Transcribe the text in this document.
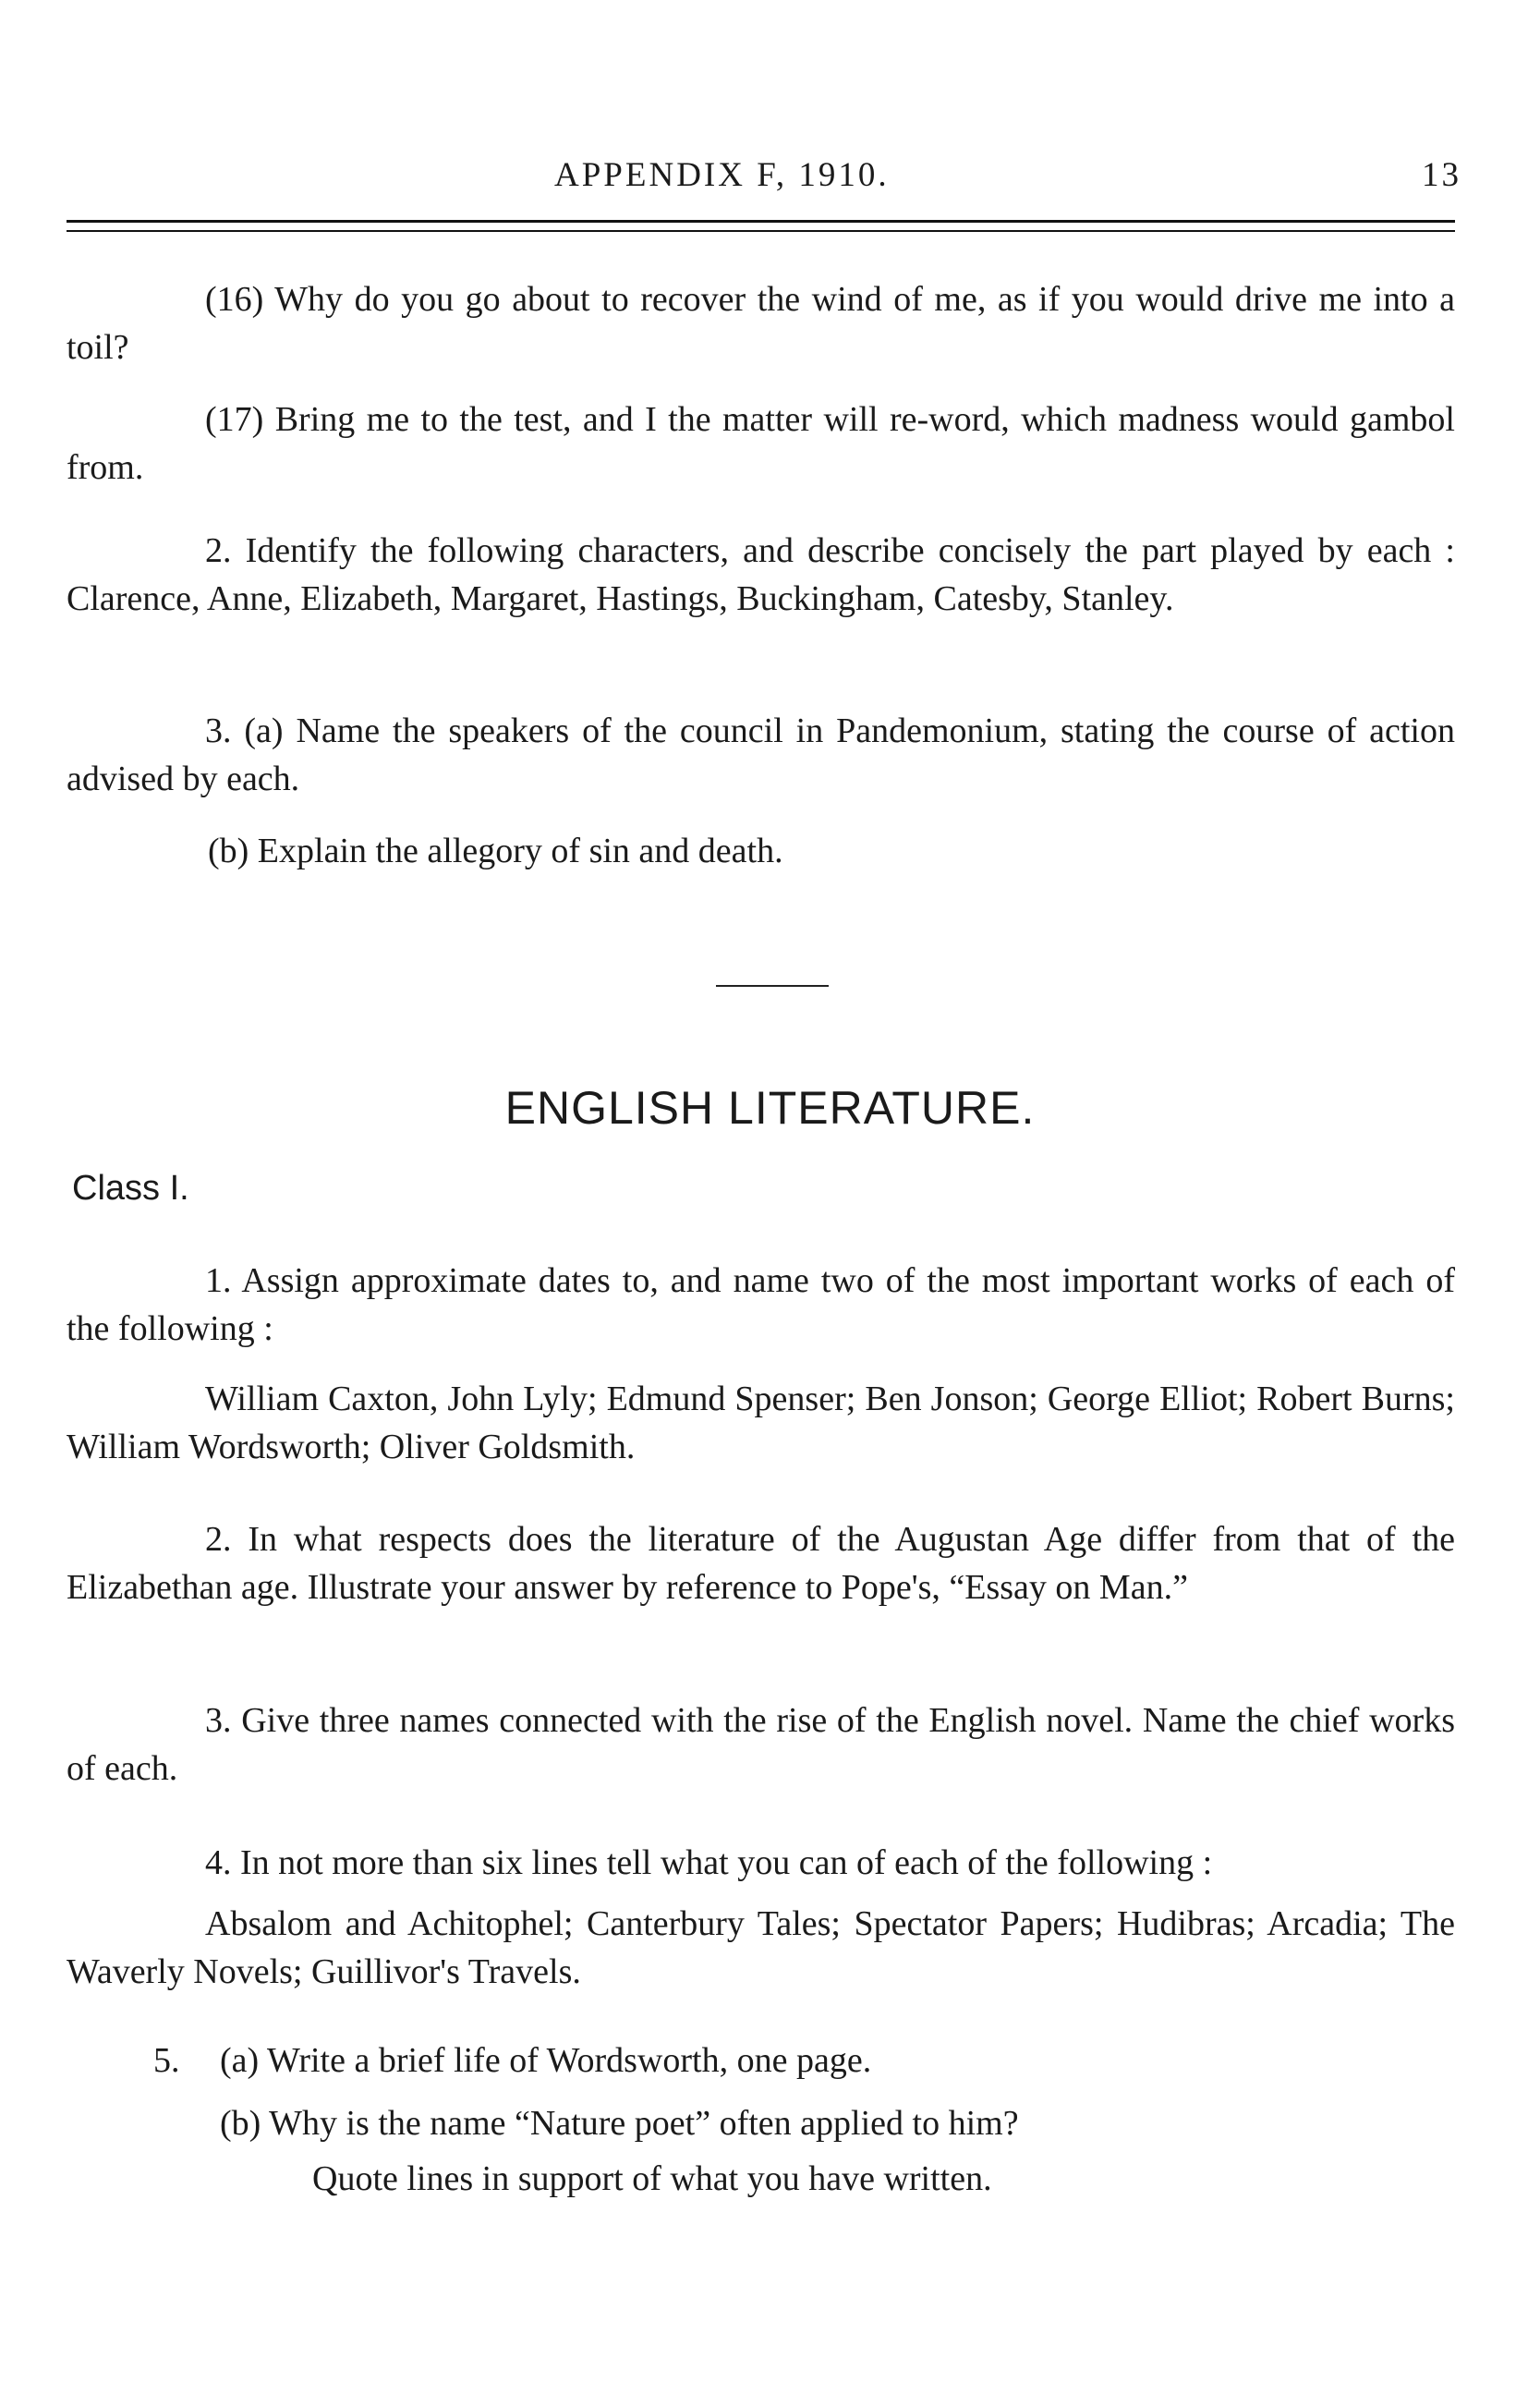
APPENDIX F, 1910.	13

(16) Why do you go about to recover the wind of me, as if you would drive me into a toil?

(17) Bring me to the test, and I the matter will re-word, which madness would gambol from.

2. Identify the following characters, and describe concisely the part played by each : Clarence, Anne, Elizabeth, Margaret, Hastings, Buckingham, Catesby, Stanley.

3. (a) Name the speakers of the council in Pandemonium, stating the course of action advised by each.

(b) Explain the allegory of sin and death.

ENGLISH LITERATURE.
Class I.

1. Assign approximate dates to, and name two of the most important works of each of the following :

William Caxton, John Lyly; Edmund Spenser; Ben Jonson; George Elliot; Robert Burns; William Wordsworth; Oliver Goldsmith.

2. In what respects does the literature of the Augustan Age differ from that of the Elizabethan age. Illustrate your answer by reference to Pope's, “Essay on Man.”

3. Give three names connected with the rise of the English novel. Name the chief works of each.

4. In not more than six lines tell what you can of each of the following :

Absalom and Achitophel; Canterbury Tales; Spectator Papers; Hudibras; Arcadia; The Waverly Novels; Guillivor's Travels.

5. (a) Write a brief life of Wordsworth, one page.

(b) Why is the name “Nature poet” often applied to him?

Quote lines in support of what you have written.
